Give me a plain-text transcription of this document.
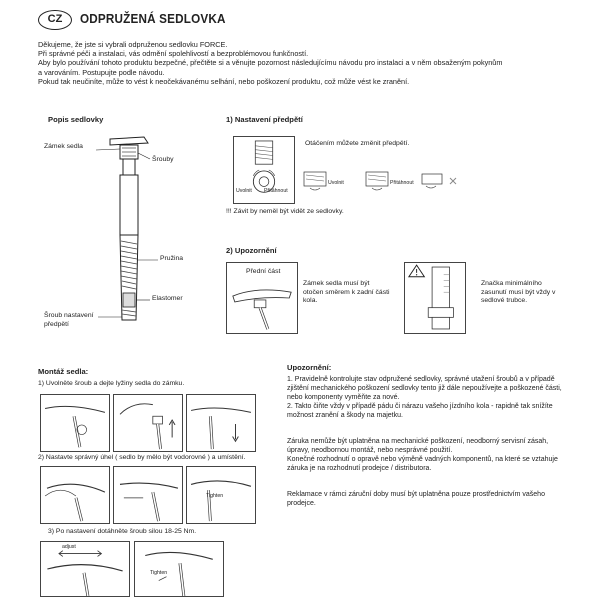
CZ	ODPRUŽENÁ SEDLOVKA

Děkujeme, že jste si vybrali odpruženou sedlovku FORCE.

Při správné péči a instalaci, vás odmění spolehlivostí a bezproblémovou funkčností.

Aby bylo používání tohoto produktu bezpečné, přečtěte si a věnujte pozornost následujícímu návodu pro instalaci a v něm obsaženým pokynům

a varováním. Postupujte podle návodu.

Pokud tak neučiníte, může to vést k neočekávanému selhání, nebo poškození produktu, což může vést ke zranění.

Popis sedlovky
Zámek sedla
Šrouby
Pružina
Elastomer
Šroub nastavení předpětí
1) Nastavení předpětí
Uvolnit Přitáhnout
Otáčením můžete změnit předpětí.
Uvolnit	Přitáhnout
!!! Závit by neměl být vidět ze sedlovky.
2) Upozornění
Přední část
Zámek sedla musí být otočen směrem k zadní části kola.
Značka minimálního zasunutí musí být vždy v sedlové trubce.
Montáž sedla:
1) Uvolněte šroub a dejte lyžiny sedla do zámku.
2) Nastavte správný úhel ( sedlo by mělo být vodorovné ) a umístění.
Tighten
3) Po nastavení dotáhněte šroub silou 18-25 Nm.
adjust
Tighten
Upozornění:

1. Pravidelně kontrolujte stav odpružené sedlovky, správné utažení šroubů a v případě zjištění mechanického poškození sedlovky tento již dále nepoužívejte a poškozené části, nebo komponenty vyměňte za nové.

2. Takto čiňte vždy v případě pádu či nárazu vašeho jízdního kola - rapidně tak snížíte možnost zranění a škody na majetku.

Záruka nemůže být uplatněna na mechanické poškození, neodborný servisní zásah, úpravy, neodbornou montáž, nebo nesprávné použití.

Konečné rozhodnutí o opravě nebo výměně vadných komponentů, na které se vztahuje záruka je na rozhodnutí prodejce / distributora.

Reklamace v rámci záruční doby musí být uplatněna pouze prostřednictvím vašeho prodejce.
